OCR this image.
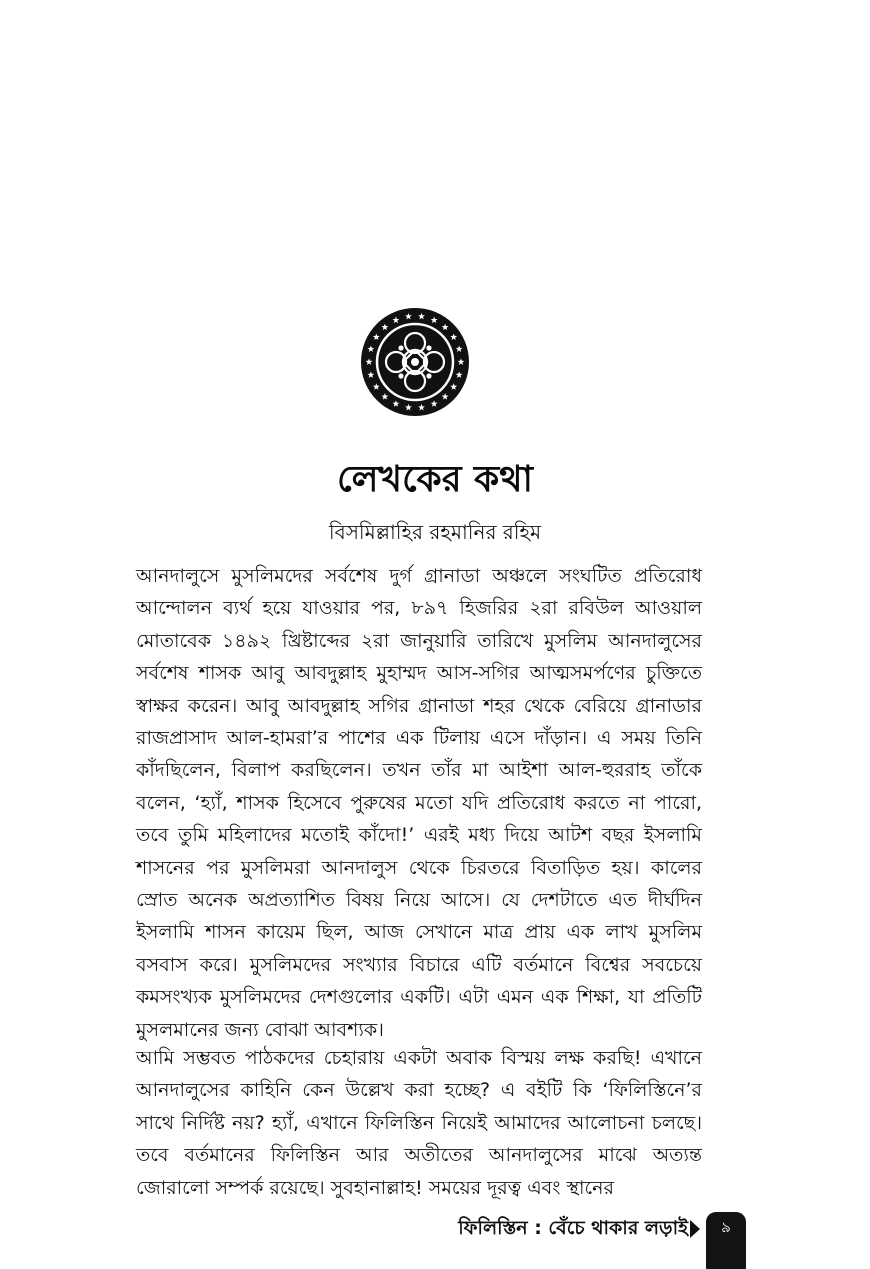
লেখকের কথা
বিসমিল্লাহির রহমানির রহিম

আনদালুসে মুসলিমদের সর্বশেষ দুর্গ গ্রানাডা অঞ্চলে সংঘটিত প্রতিরোধ আন্দোলন ব্যর্থ হয়ে যাওয়ার পর, ৮৯৭ হিজরির ২রা রবিউল আওয়াল মোতাবেক ১৪৯২ খ্রিষ্টাব্দের ২রা জানুয়ারি তারিখে মুসলিম আনদালুসের সর্বশেষ শাসক আবু আবদুল্লাহ মুহাম্মদ আস-সগির আত্মসমর্পণের চুক্তিতে স্বাক্ষর করেন। আবু আবদুল্লাহ সগির গ্রানাডা শহর থেকে বেরিয়ে গ্রানাডার রাজপ্রাসাদ আল-হামরা’র পাশের এক টিলায় এসে দাঁড়ান। এ সময় তিনি কাঁদছিলেন, বিলাপ করছিলেন। তখন তাঁর মা আইশা আল-হুররাহ তাঁকে বলেন, ‘হ্যাঁ, শাসক হিসেবে পুরুষের মতো যদি প্রতিরোধ করতে না পারো, তবে তুমি মহিলাদের মতোই কাঁদো!’ এরই মধ্য দিয়ে আটশ বছর ইসলামি শাসনের পর মুসলিমরা আনদালুস থেকে চিরতরে বিতাড়িত হয়। কালের স্রোত অনেক অপ্রত্যাশিত বিষয় নিয়ে আসে। যে দেশটাতে এত দীর্ঘদিন ইসলামি শাসন কায়েম ছিল, আজ সেখানে মাত্র প্রায় এক লাখ মুসলিম বসবাস করে। মুসলিমদের সংখ্যার বিচারে এটি বর্তমানে বিশ্বের সবচেয়ে কমসংখ্যক মুসলিমদের দেশগুলোর একটি। এটা এমন এক শিক্ষা, যা প্রতিটি মুসলমানের জন্য বোঝা আবশ্যক।

আমি সম্ভবত পাঠকদের চেহারায় একটা অবাক বিস্ময় লক্ষ করছি! এখানে আনদালুসের কাহিনি কেন উল্লেখ করা হচ্ছে? এ বইটি কি ‘ফিলিস্তিনে’র সাথে নির্দিষ্ট নয়? হ্যাঁ, এখানে ফিলিস্তিন নিয়েই আমাদের আলোচনা চলছে। তবে বর্তমানের ফিলিস্তিন আর অতীতের আনদালুসের মাঝে অত্যন্ত জোরালো সম্পর্ক রয়েছে। সুবহানাল্লাহ! সময়ের দূরত্ব এবং স্থানের

ফিলিস্তিন : বেঁচে থাকার লড়াই	৯
